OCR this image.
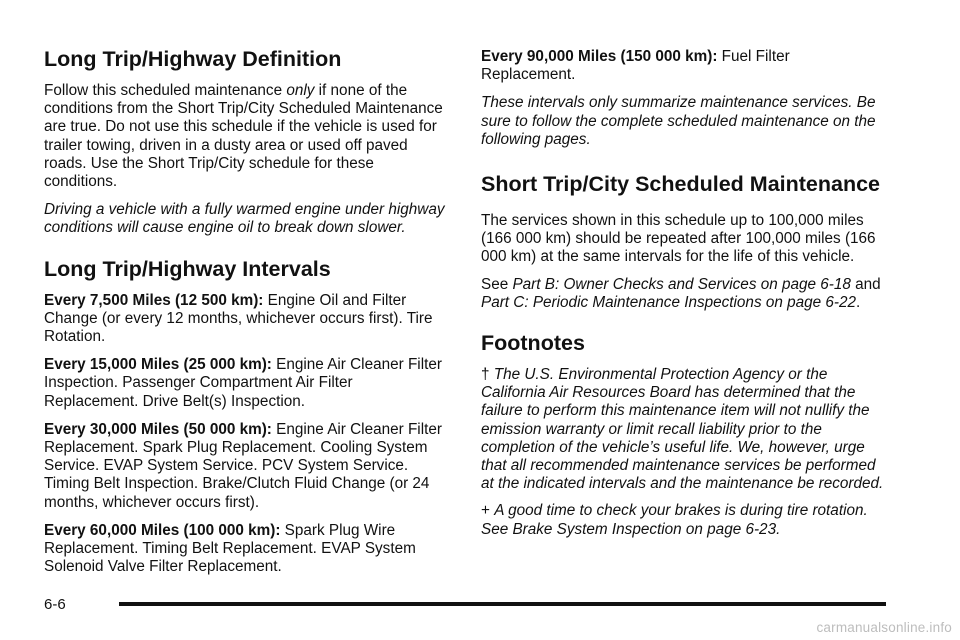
Long Trip/Highway Definition

Follow this scheduled maintenance only if none of the conditions from the Short Trip/City Scheduled Maintenance are true. Do not use this schedule if the vehicle is used for trailer towing, driven in a dusty area or used off paved roads. Use the Short Trip/City schedule for these conditions.

Driving a vehicle with a fully warmed engine under highway conditions will cause engine oil to break down slower.

Long Trip/Highway Intervals

Every 7,500 Miles (12 500 km): Engine Oil and Filter Change (or every 12 months, whichever occurs first). Tire Rotation.

Every 15,000 Miles (25 000 km): Engine Air Cleaner Filter Inspection. Passenger Compartment Air Filter Replacement. Drive Belt(s) Inspection.

Every 30,000 Miles (50 000 km): Engine Air Cleaner Filter Replacement. Spark Plug Replacement. Cooling System Service. EVAP System Service. PCV System Service. Timing Belt Inspection. Brake/Clutch Fluid Change (or 24 months, whichever occurs first).

Every 60,000 Miles (100 000 km): Spark Plug Wire Replacement. Timing Belt Replacement. EVAP System Solenoid Valve Filter Replacement.

Every 90,000 Miles (150 000 km): Fuel Filter Replacement.

These intervals only summarize maintenance services. Be sure to follow the complete scheduled maintenance on the following pages.

Short Trip/City Scheduled Maintenance

The services shown in this schedule up to 100,000 miles (166 000 km) should be repeated after 100,000 miles (166 000 km) at the same intervals for the life of this vehicle.

See Part B: Owner Checks and Services on page 6-18 and Part C: Periodic Maintenance Inspections on page 6-22.

Footnotes

† The U.S. Environmental Protection Agency or the California Air Resources Board has determined that the failure to perform this maintenance item will not nullify the emission warranty or limit recall liability prior to the completion of the vehicle’s useful life. We, however, urge that all recommended maintenance services be performed at the indicated intervals and the maintenance be recorded.

+ A good time to check your brakes is during tire rotation. See Brake System Inspection on page 6-23.

6-6
carmanualsonline.info
